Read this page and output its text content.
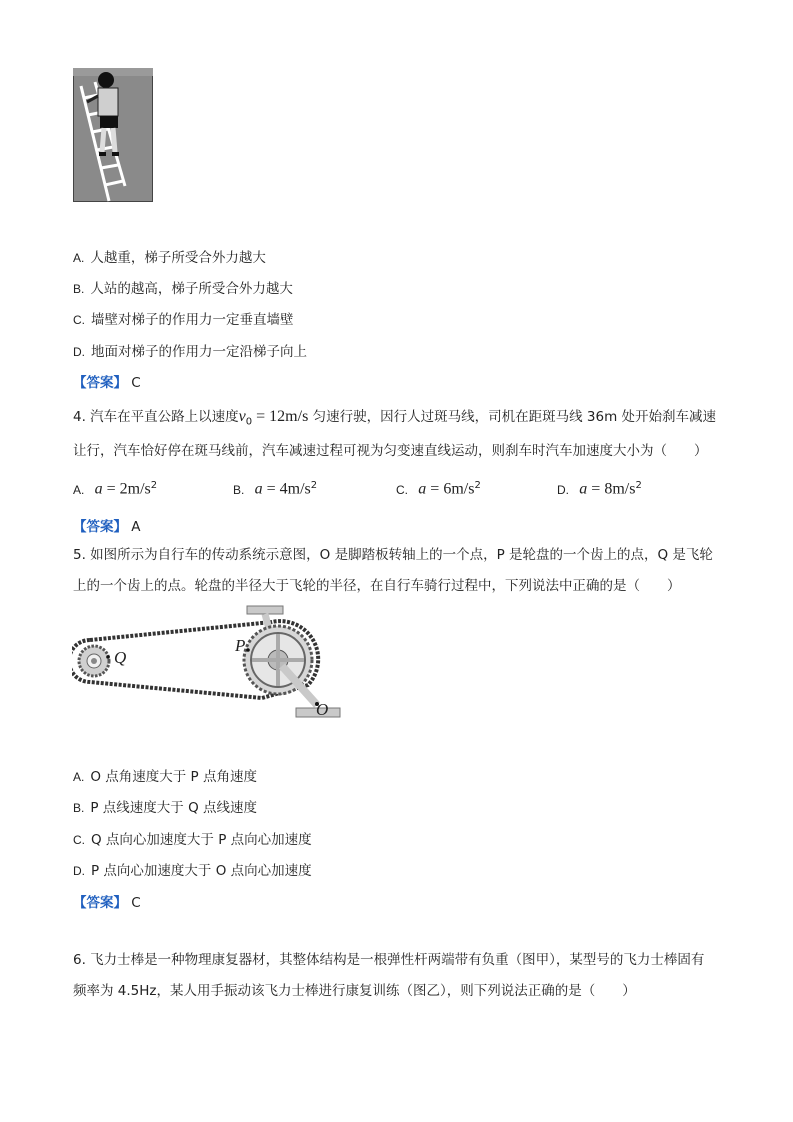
A. 人越重，梯子所受合外力越大
B. 人站的越高，梯子所受合外力越大
C. 墙壁对梯子的作用力一定垂直墙壁
D. 地面对梯子的作用力一定沿梯子向上
【答案】 C
4. 汽车在平直公路上以速度$v_0 = 12m/s$ 匀速行驶，因行人过斑马线，司机在距斑马线 36m 处开始刹车减速
让行，汽车恰好停在斑马线前，汽车减速过程可视为匀变速直线运动，则刹车时汽车加速度大小为（　　）
A. $a = 2m/s^2$	B. $a = 4m/s^2$	C. $a = 6m/s^2$	D. $a = 8m/s^2$
【答案】 A
5. 如图所示为自行车的传动系统示意图，O 是脚踏板转轴上的一个点，P 是轮盘的一个齿上的点，Q 是飞轮
上的一个齿上的点。轮盘的半径大于飞轮的半径，在自行车骑行过程中，下列说法中正确的是（　　）
Q
P
O
A. O 点角速度大于 P 点角速度
B. P 点线速度大于 Q 点线速度
C. Q 点向心加速度大于 P 点向心加速度
D. P 点向心加速度大于 O 点向心加速度
【答案】 C
6. 飞力士棒是一种物理康复器材，其整体结构是一根弹性杆两端带有负重（图甲），某型号的飞力士棒固有
频率为 4.5Hz，某人用手振动该飞力士棒进行康复训练（图乙），则下列说法正确的是（　　）
